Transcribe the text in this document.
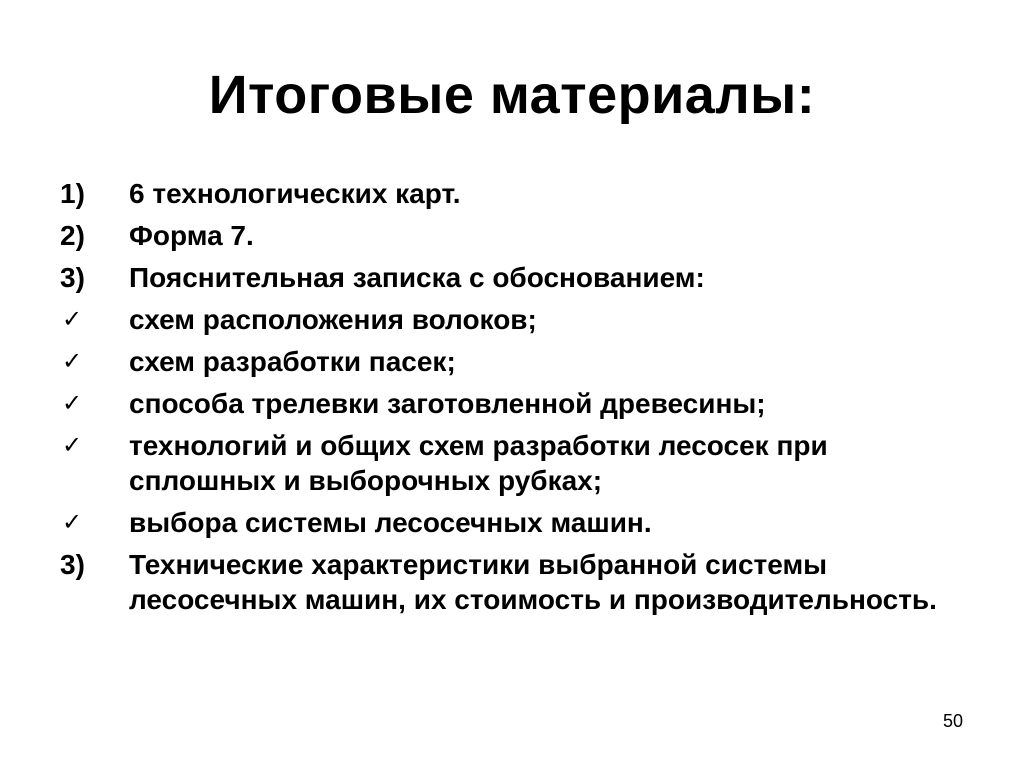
Итоговые материалы:
1)	6 технологических карт.
2)	Форма 7.
3)	Пояснительная записка с обоснованием:
✓ схем расположения волоков;
✓ схем разработки пасек;
✓ способа трелевки заготовленной древесины;
✓ технологий и общих схем разработки лесосек при сплошных и выборочных рубках;
✓ выбора системы лесосечных машин.
3)	Технические характеристики выбранной системы лесосечных машин, их стоимость и производительность.
50
